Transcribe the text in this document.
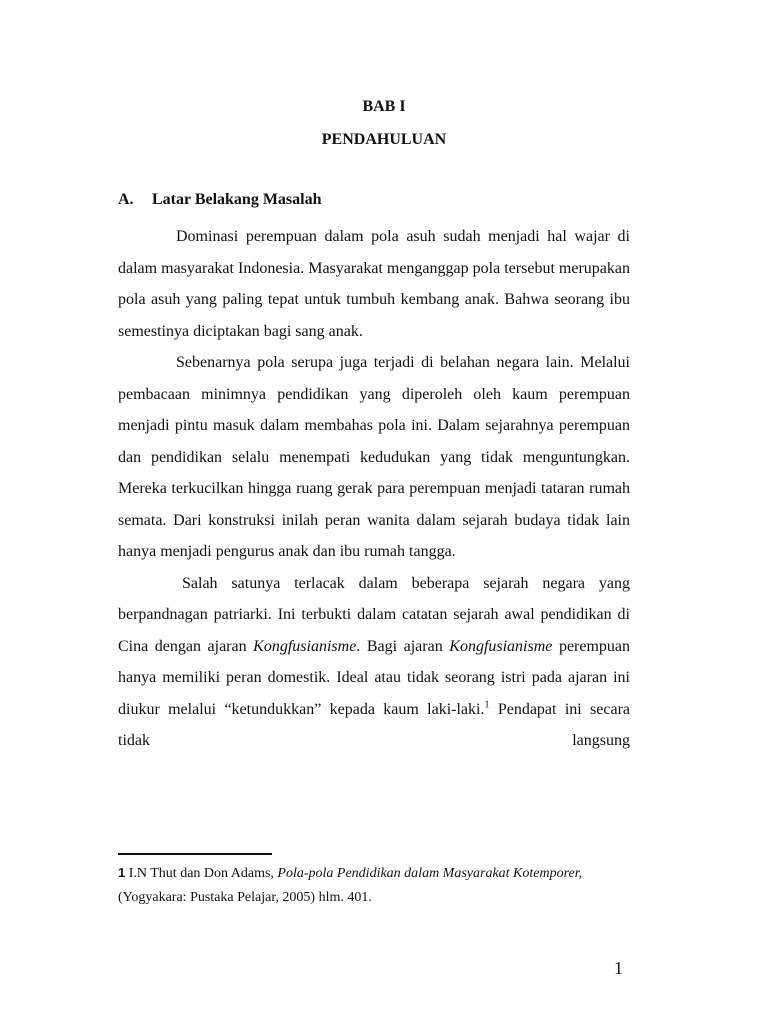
BAB I
PENDAHULUAN
A. Latar Belakang Masalah

Dominasi perempuan dalam pola asuh sudah menjadi hal wajar di dalam masyarakat Indonesia. Masyarakat menganggap pola tersebut merupakan pola asuh yang paling tepat untuk tumbuh kembang anak. Bahwa seorang ibu semestinya diciptakan bagi sang anak.

Sebenarnya pola serupa juga terjadi di belahan negara lain. Melalui pembacaan minimnya pendidikan yang diperoleh oleh kaum perempuan menjadi pintu masuk dalam membahas pola ini. Dalam sejarahnya perempuan dan pendidikan selalu menempati kedudukan yang tidak menguntungkan. Mereka terkucilkan hingga ruang gerak para perempuan menjadi tataran rumah semata. Dari konstruksi inilah peran wanita dalam sejarah budaya tidak lain hanya menjadi pengurus anak dan ibu rumah tangga.

Salah satunya terlacak dalam beberapa sejarah negara yang berpandnagan patriarki. Ini terbukti dalam catatan sejarah awal pendidikan di Cina dengan ajaran Kongfusianisme. Bagi ajaran Kongfusianisme perempuan hanya memiliki peran domestik. Ideal atau tidak seorang istri pada ajaran ini diukur melalui “ketundukkan” kepada kaum laki-laki.$^1$ Pendapat ini secara tidak langsung

1 I.N Thut dan Don Adams, Pola-pola Pendidikan dalam Masyarakat Kotemporer, (Yogyakara: Pustaka Pelajar, 2005) hlm. 401.
1
